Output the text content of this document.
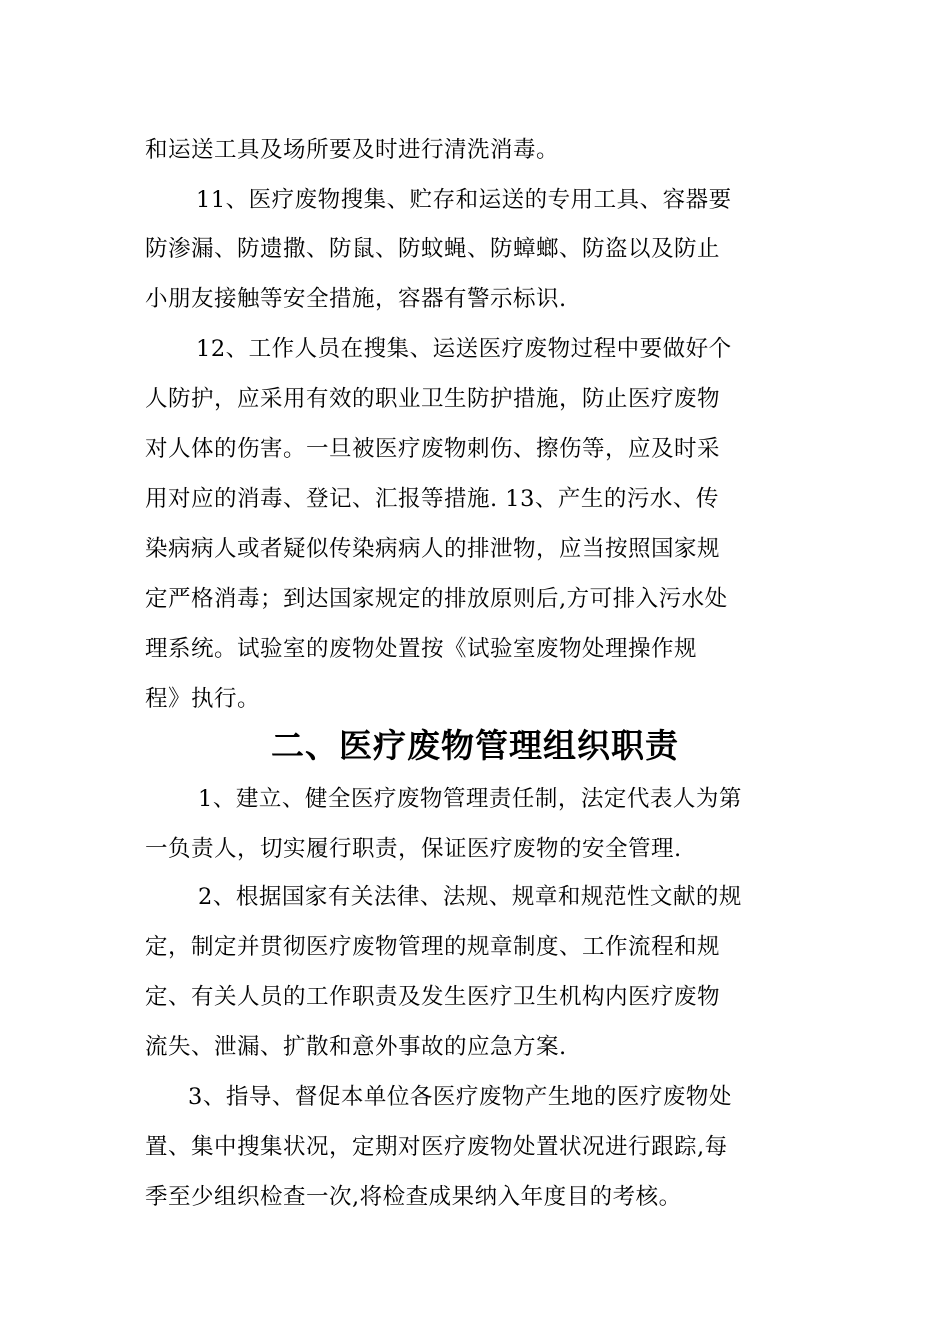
和运送工具及场所要及时进行清洗消毒。
11、医疗废物搜集、贮存和运送的专用工具、容器要
防渗漏、防遗撒、防鼠、防蚊蝇、防蟑螂、防盗以及防止
小朋友接触等安全措施，容器有警示标识.
12、工作人员在搜集、运送医疗废物过程中要做好个
人防护，应采用有效的职业卫生防护措施，防止医疗废物
对人体的伤害。一旦被医疗废物刺伤、擦伤等，应及时采
用对应的消毒、登记、汇报等措施. 13、产生的污水、传
染病病人或者疑似传染病病人的排泄物，应当按照国家规
定严格消毒；到达国家规定的排放原则后,方可排入污水处
理系统。试验室的废物处置按《试验室废物处理操作规
程》执行。
二、医疗废物管理组织职责
1、建立、健全医疗废物管理责任制，法定代表人为第
一负责人，切实履行职责，保证医疗废物的安全管理.
2、根据国家有关法律、法规、规章和规范性文献的规
定，制定并贯彻医疗废物管理的规章制度、工作流程和规
定、有关人员的工作职责及发生医疗卫生机构内医疗废物
流失、泄漏、扩散和意外事故的应急方案.
3、指导、督促本单位各医疗废物产生地的医疗废物处
置、集中搜集状况，定期对医疗废物处置状况进行跟踪,每
季至少组织检查一次,将检查成果纳入年度目的考核。
